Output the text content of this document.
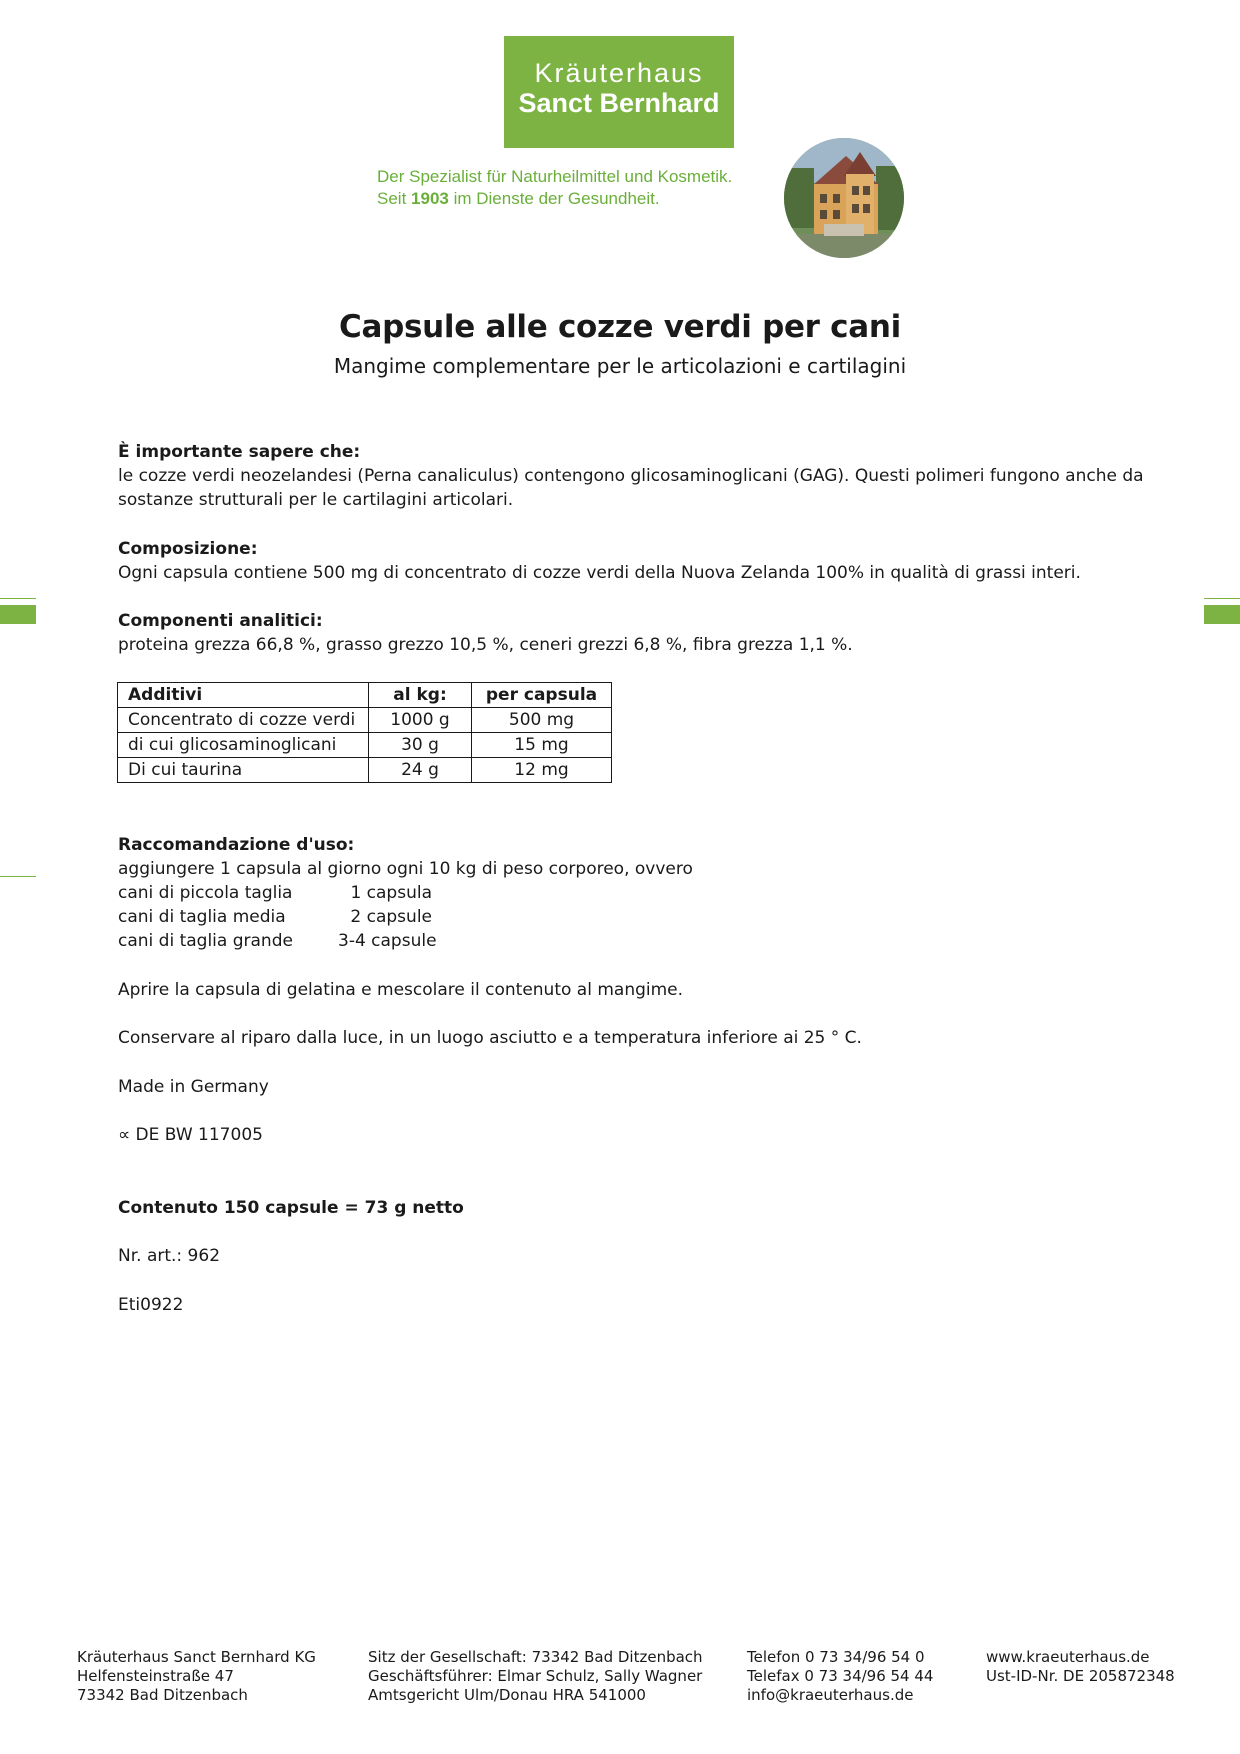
Kräuterhaus
Sanct Bernhard
Der Spezialist für Naturheilmittel und Kosmetik.
Seit 1903 im Dienste der Gesundheit.
Capsule alle cozze verdi per cani
Mangime complementare per le articolazioni e cartilagini
È importante sapere che:
le cozze verdi neozelandesi (Perna canaliculus) contengono glicosaminoglicani (GAG). Questi polimeri fungono anche da
sostanze strutturali per le cartilagini articolari.
Composizione:
Ogni capsula contiene 500 mg di concentrato di cozze verdi della Nuova Zelanda 100% in qualità di grassi interi.
Componenti analitici:
proteina grezza 66,8 %, grasso grezzo 10,5 %, ceneri grezzi 6,8 %, fibra grezza 1,1 %.
Additivi	al kg:	per capsula
Concentrato di cozze verdi	1000 g	500 mg
di cui glicosaminoglicani	30 g	15 mg
Di cui taurina	24 g	12 mg
Raccomandazione d'uso:
aggiungere 1 capsula al giorno ogni 10 kg di peso corporeo, ovvero
cani di piccola taglia	1 capsula
cani di taglia media	2 capsule
cani di taglia grande	3-4 capsule
Aprire la capsula di gelatina e mescolare il contenuto al mangime.
Conservare al riparo dalla luce, in un luogo asciutto e a temperatura inferiore ai 25 ° C.
Made in Germany
∝ DE BW 117005
Contenuto 150 capsule = 73 g netto
Nr. art.: 962
Eti0922
Kräuterhaus Sanct Bernhard KG
Helfensteinstraße 47
73342 Bad Ditzenbach
Sitz der Gesellschaft: 73342 Bad Ditzenbach
Geschäftsführer: Elmar Schulz, Sally Wagner
Amtsgericht Ulm/Donau HRA 541000
Telefon 0 73 34/96 54 0
Telefax 0 73 34/96 54 44
info@kraeuterhaus.de
www.kraeuterhaus.de
Ust-ID-Nr. DE 205872348
